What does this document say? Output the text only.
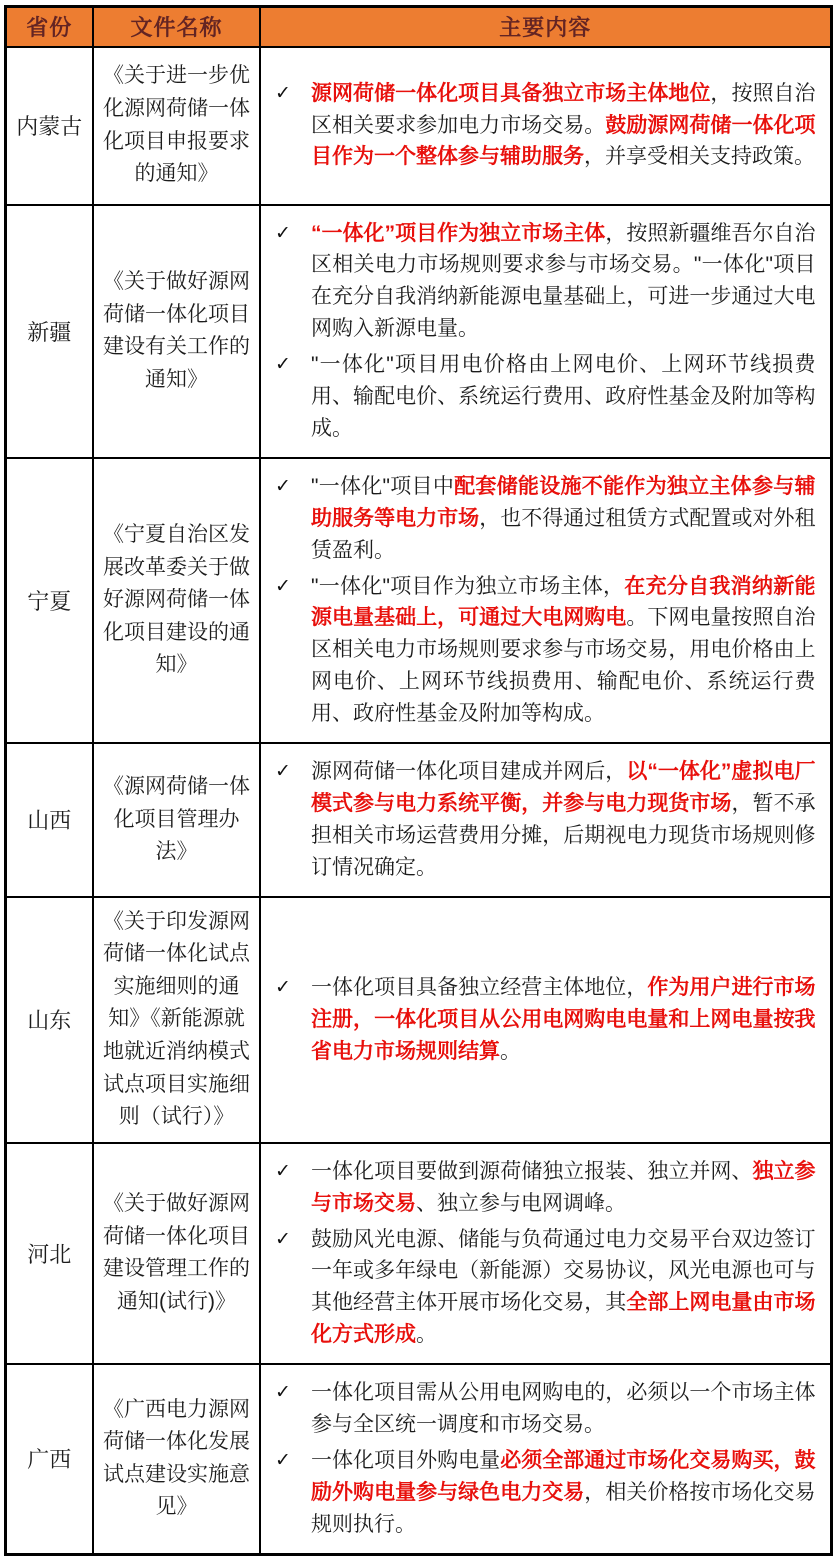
省份	文件名称	主要内容
内蒙古	《关于进一步优化源网荷储一体化项目申报要求的通知》	✓ 源网荷储一体化项目具备独立市场主体地位，按照自治区相关要求参加电力市场交易。鼓励源网荷储一体化项目作为一个整体参与辅助服务，并享受相关支持政策。

新疆	《关于做好源网荷储一体化项目建设有关工作的通知》	✓ “一体化”项目作为独立市场主体，按照新疆维吾尔自治区相关电力市场规则要求参与市场交易。"一体化"项目在充分自我消纳新能源电量基础上，可进一步通过大电网购入新源电量。
✓ "一体化"项目用电价格由上网电价、上网环节线损费用、输配电价、系统运行费用、政府性基金及附加等构成。

宁夏	《宁夏自治区发展改革委关于做好源网荷储一体化项目建设的通知》	✓ "一体化"项目中配套储能设施不能作为独立主体参与辅助服务等电力市场，也不得通过租赁方式配置或对外租赁盈利。
✓ "一体化"项目作为独立市场主体，在充分自我消纳新能源电量基础上，可通过大电网购电。下网电量按照自治区相关电力市场规则要求参与市场交易，用电价格由上网电价、上网环节线损费用、输配电价、系统运行费用、政府性基金及附加等构成。

山西	《源网荷储一体化项目管理办法》	✓ 源网荷储一体化项目建成并网后，以“一体化”虚拟电厂模式参与电力系统平衡，并参与电力现货市场，暂不承担相关市场运营费用分摊，后期视电力现货市场规则修订情况确定。

山东	《关于印发源网荷储一体化试点实施细则的通知》《新能源就地就近消纳模式试点项目实施细则（试行）》	✓ 一体化项目具备独立经营主体地位，作为用户进行市场注册，一体化项目从公用电网购电电量和上网电量按我省电力市场规则结算。

河北	《关于做好源网荷储一体化项目建设管理工作的通知(试行)》	✓ 一体化项目要做到源荷储独立报装、独立并网、独立参与市场交易、独立参与电网调峰。
✓ 鼓励风光电源、储能与负荷通过电力交易平台双边签订一年或多年绿电（新能源）交易协议，风光电源也可与其他经营主体开展市场化交易，其全部上网电量由市场化方式形成。

广西	《广西电力源网荷储一体化发展试点建设实施意见》	✓ 一体化项目需从公用电网购电的，必须以一个市场主体参与全区统一调度和市场交易。
✓ 一体化项目外购电量必须全部通过市场化交易购买，鼓励外购电量参与绿色电力交易，相关价格按市场化交易规则执行。
